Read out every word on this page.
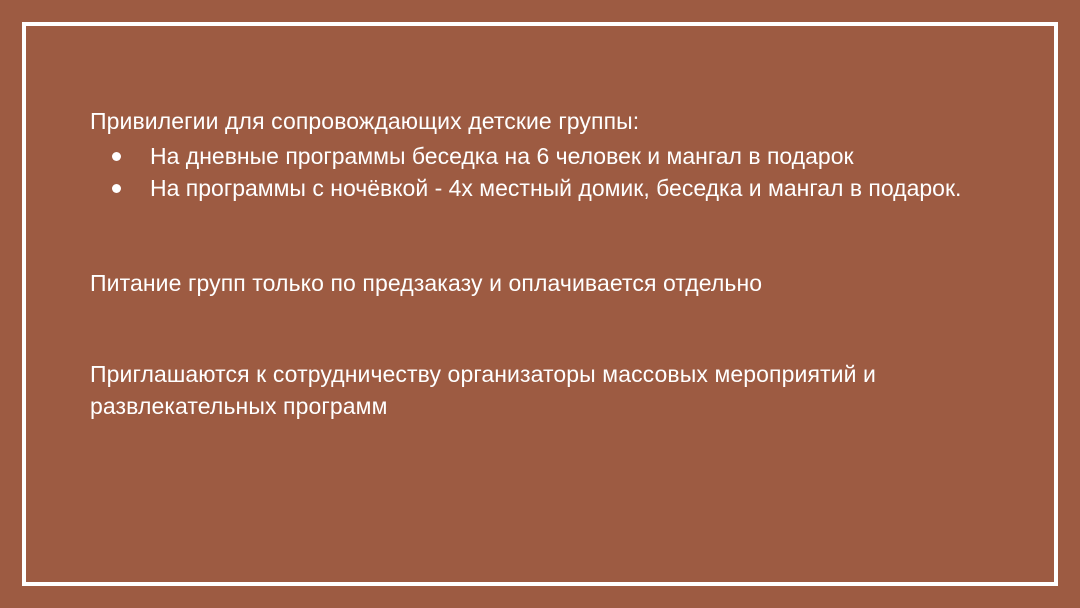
Привилегии для сопровождающих детские группы:

На дневные программы беседка на 6 человек и мангал в подарок
На программы с ночёвкой - 4х местный домик, беседка и мангал в подарок.

Питание групп только по предзаказу и оплачивается отдельно

Приглашаются к сотрудничеству организаторы массовых мероприятий и развлекательных программ
